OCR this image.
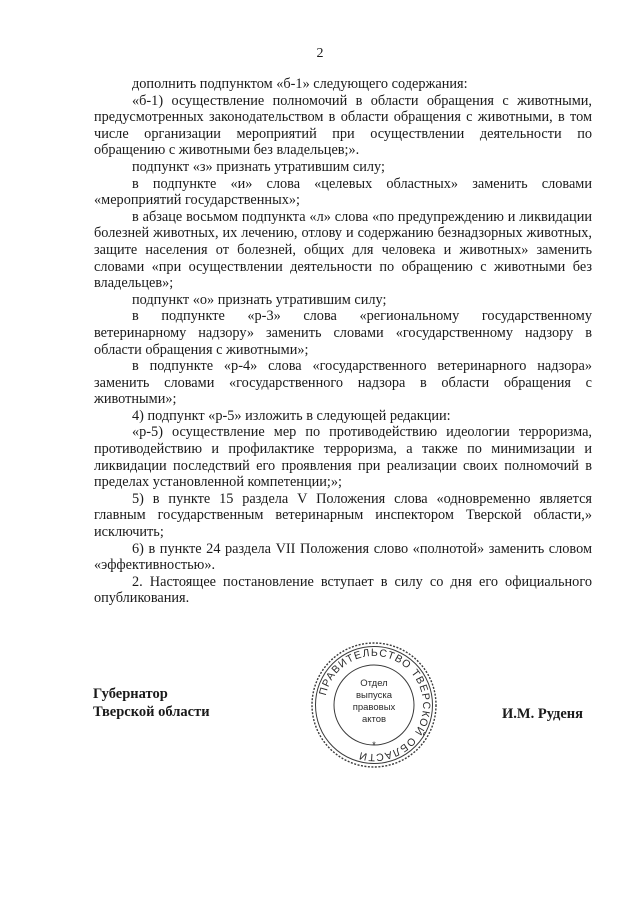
2

дополнить подпунктом «б-1» следующего содержания:

«б-1) осуществление полномочий в области обращения с животными, предусмотренных законодательством в области обращения с животными, в том числе организации мероприятий при осуществлении деятельности по обращению с животными без владельцев;».

подпункт «з» признать утратившим силу;

в подпункте «и» слова «целевых областных» заменить словами «мероприятий государственных»;

в абзаце восьмом подпункта «л» слова «по предупреждению и ликвидации болезней животных, их лечению, отлову и содержанию безнадзорных животных, защите населения от болезней, общих для человека и животных» заменить словами «при осуществлении деятельности по обращению с животными без владельцев»;

подпункт «о» признать утратившим силу;

в подпункте «р-3» слова «региональному государственному ветеринарному надзору» заменить словами «государственному надзору в области обращения с животными»;

в подпункте «р-4» слова «государственного ветеринарного надзора» заменить словами «государственного надзора в области обращения с животными»;

4) подпункт «р-5» изложить в следующей редакции:

«р-5) осуществление мер по противодействию идеологии терроризма, противодействию и профилактике терроризма, а также по минимизации и ликвидации последствий его проявления при реализации своих полномочий в пределах установленной компетенции;»;

5) в пункте 15 раздела V Положения слова «одновременно является главным государственным ветеринарным инспектором Тверской области,» исключить;

6) в пункте 24 раздела VII Положения слово «полнотой» заменить словом «эффективностью».

2. Настоящее постановление вступает в силу со дня его официального опубликования.

Губернатор
Тверской области
ПРАВИТЕЛЬСТВО ТВЕРСКОЙ ОБЛАСТИ
*
Отдел
выпуска
правовых
актов	И.М. Руденя
